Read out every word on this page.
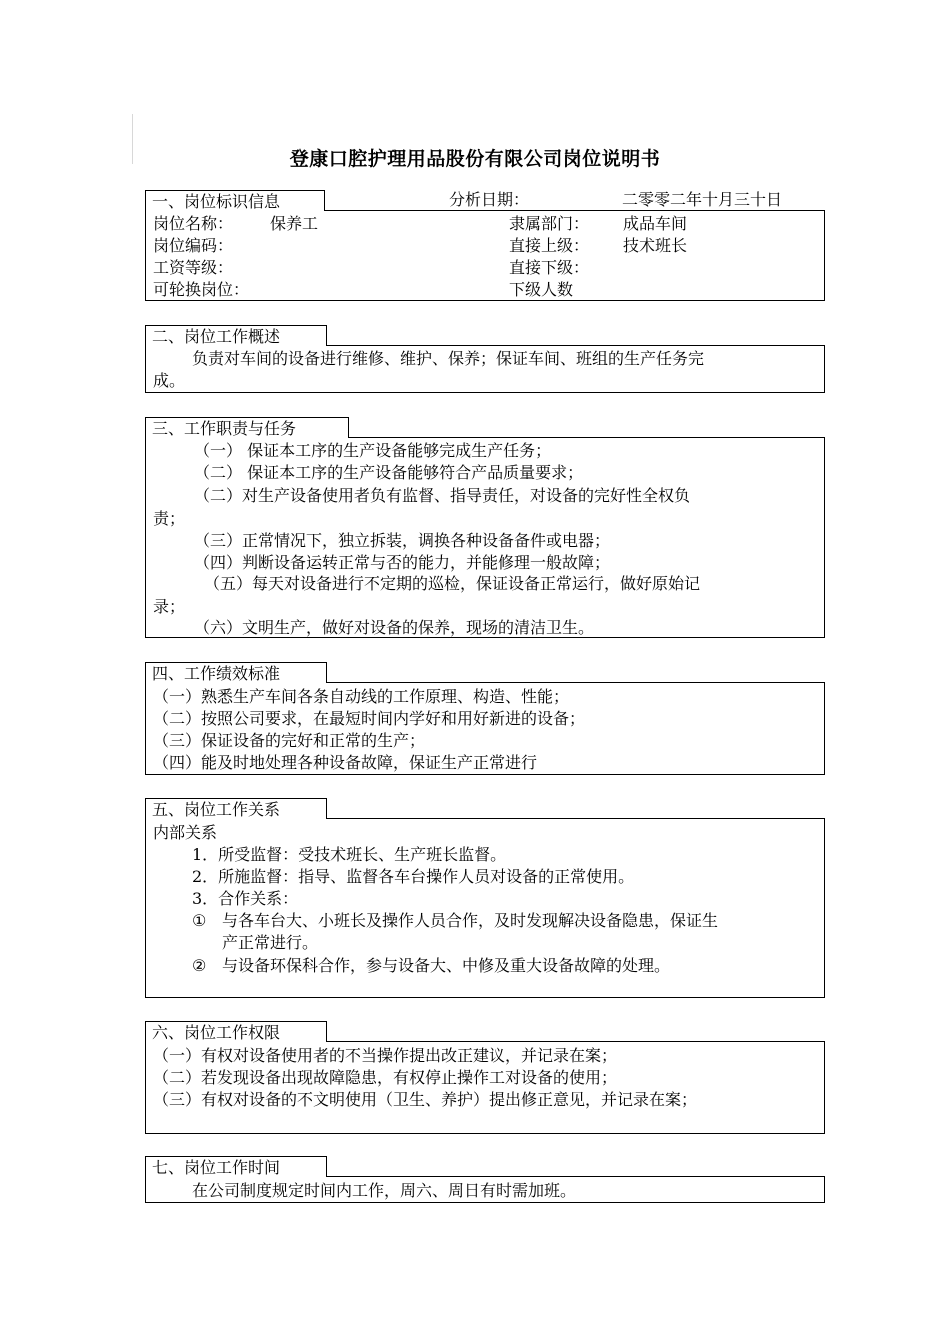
登康口腔护理用品股份有限公司岗位说明书
一、岗位标识信息	分析日期：	二零零二年十月三十日
岗位名称： 保养工	隶属部门： 成品车间
岗位编码：	直接上级： 技术班长
工资等级：	直接下级：
可轮换岗位：	下级人数
二、岗位工作概述
负责对车间的设备进行维修、维护、保养；保证车间、班组的生产任务完
成。
三、工作职责与任务
（一） 保证本工序的生产设备能够完成生产任务；
（二） 保证本工序的生产设备能够符合产品质量要求；
（二）对生产设备使用者负有监督、指导责任，对设备的完好性全权负
责；
（三）正常情况下，独立拆装，调换各种设备备件或电器；
（四）判断设备运转正常与否的能力，并能修理一般故障；
（五）每天对设备进行不定期的巡检，保证设备正常运行，做好原始记
录；
（六）文明生产，做好对设备的保养，现场的清洁卫生。
四、工作绩效标准
（一）熟悉生产车间各条自动线的工作原理、构造、性能；
（二）按照公司要求，在最短时间内学好和用好新进的设备；
（三）保证设备的完好和正常的生产；
（四）能及时地处理各种设备故障，保证生产正常进行
五、岗位工作关系
内部关系
1．所受监督：受技术班长、生产班长监督。
2．所施监督：指导、监督各车台操作人员对设备的正常使用。
3．合作关系：
① 与各车台大、小班长及操作人员合作，及时发现解决设备隐患，保证生
产正常进行。
② 与设备环保科合作，参与设备大、中修及重大设备故障的处理。
六、岗位工作权限
（一）有权对设备使用者的不当操作提出改正建议，并记录在案；
（二）若发现设备出现故障隐患，有权停止操作工对设备的使用；
（三）有权对设备的不文明使用（卫生、养护）提出修正意见，并记录在案；
七、岗位工作时间
在公司制度规定时间内工作，周六、周日有时需加班。
